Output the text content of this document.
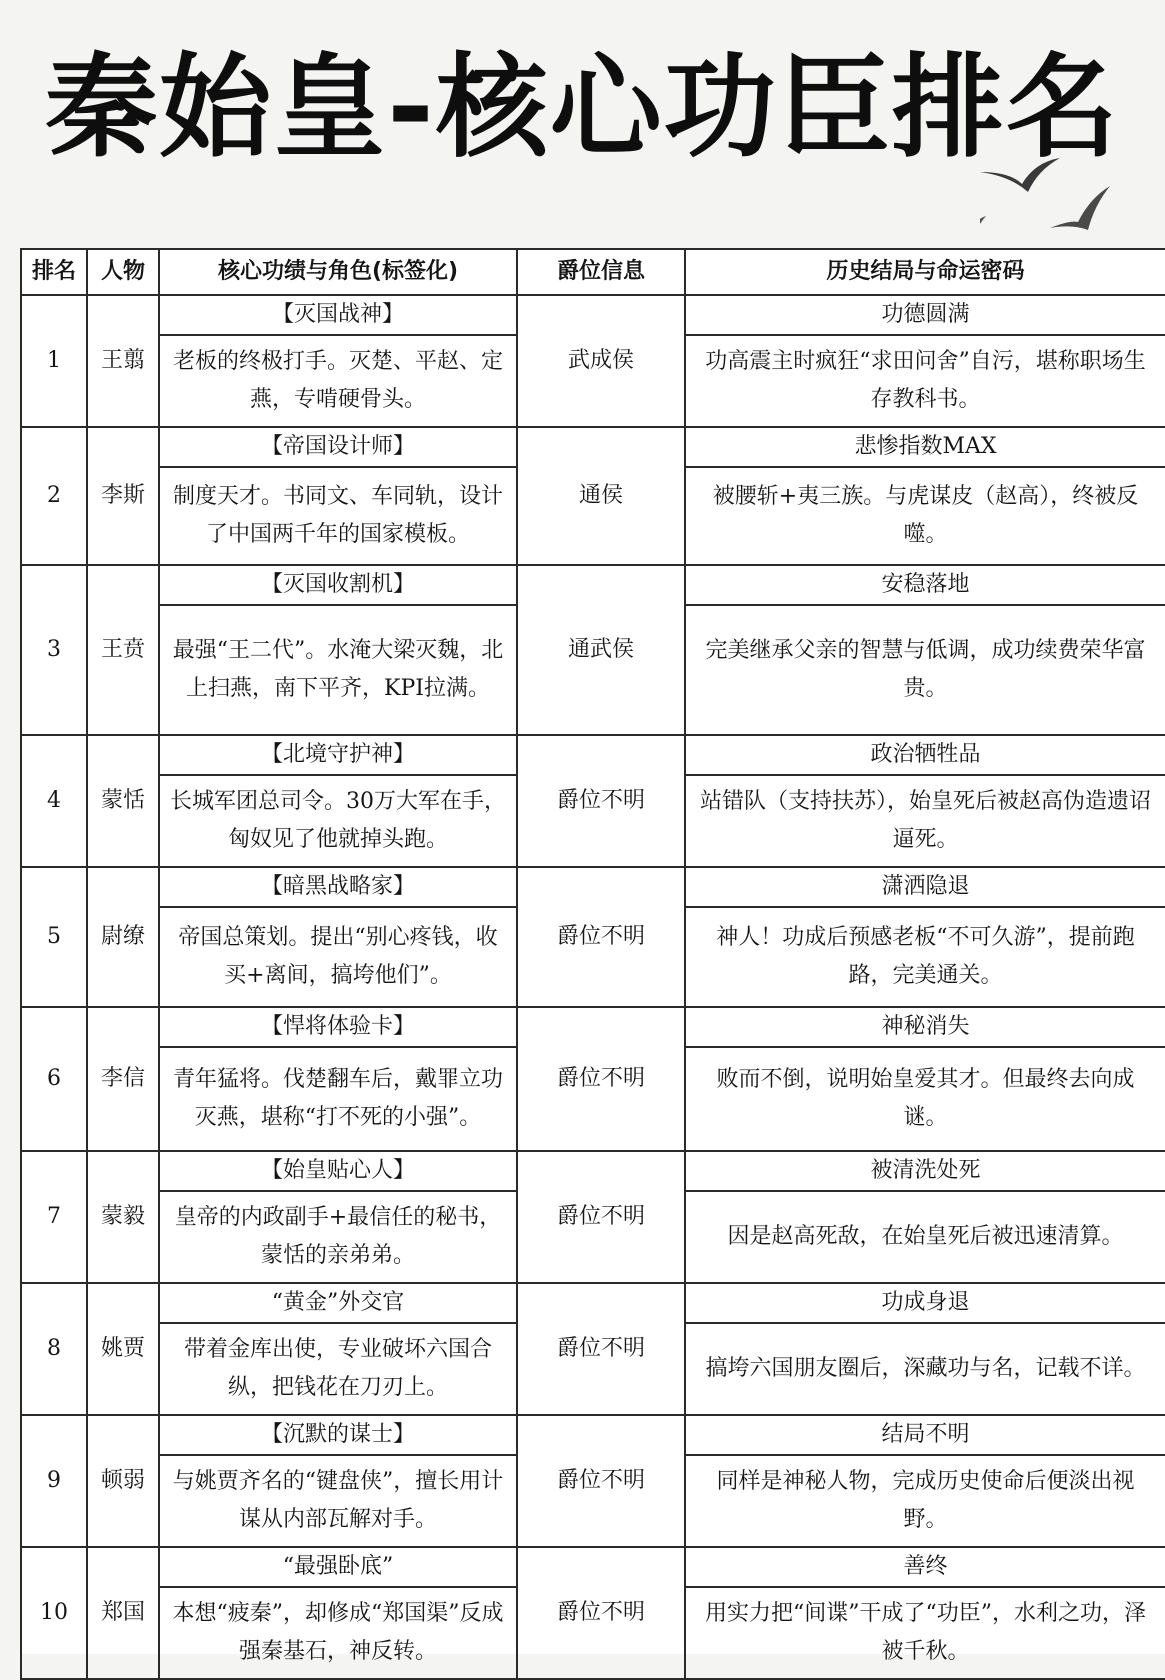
秦始皇-核心功臣排名
排名	人物	核心功绩与角色(标签化)	爵位信息	历史结局与命运密码
1	王翦	【灭国战神】	武成侯	功德圆满
		老板的终极打手。灭楚、平赵、定燕，专啃硬骨头。		功高震主时疯狂“求田问舍”自污，堪称职场生存教科书。
2	李斯	【帝国设计师】	通侯	悲惨指数MAX
		制度天才。书同文、车同轨，设计了中国两千年的国家模板。		被腰斩+夷三族。与虎谋皮（赵高），终被反噬。
3	王贲	【灭国收割机】	通武侯	安稳落地
		最强“王二代”。水淹大梁灭魏，北上扫燕，南下平齐，KPI拉满。		完美继承父亲的智慧与低调，成功续费荣华富贵。
4	蒙恬	【北境守护神】	爵位不明	政治牺牲品
		长城军团总司令。30万大军在手，匈奴见了他就掉头跑。		站错队（支持扶苏），始皇死后被赵高伪造遗诏逼死。
5	尉缭	【暗黑战略家】	爵位不明	潇洒隐退
		帝国总策划。提出“别心疼钱，收买+离间，搞垮他们”。		神人！功成后预感老板“不可久游”，提前跑路，完美通关。
6	李信	【悍将体验卡】	爵位不明	神秘消失
		青年猛将。伐楚翻车后，戴罪立功灭燕，堪称“打不死的小强”。		败而不倒，说明始皇爱其才。但最终去向成谜。
7	蒙毅	【始皇贴心人】	爵位不明	被清洗处死
		皇帝的内政副手+最信任的秘书，蒙恬的亲弟弟。		因是赵高死敌，在始皇死后被迅速清算。
8	姚贾	“黄金”外交官	爵位不明	功成身退
		带着金库出使，专业破坏六国合纵，把钱花在刀刃上。		搞垮六国朋友圈后，深藏功与名，记载不详。
9	顿弱	【沉默的谋士】	爵位不明	结局不明
		与姚贾齐名的“键盘侠”，擅长用计谋从内部瓦解对手。		同样是神秘人物，完成历史使命后便淡出视野。
10	郑国	“最强卧底”	爵位不明	善终
		本想“疲秦”，却修成“郑国渠”反成强秦基石，神反转。		用实力把“间谍”干成了“功臣”，水利之功，泽被千秋。
